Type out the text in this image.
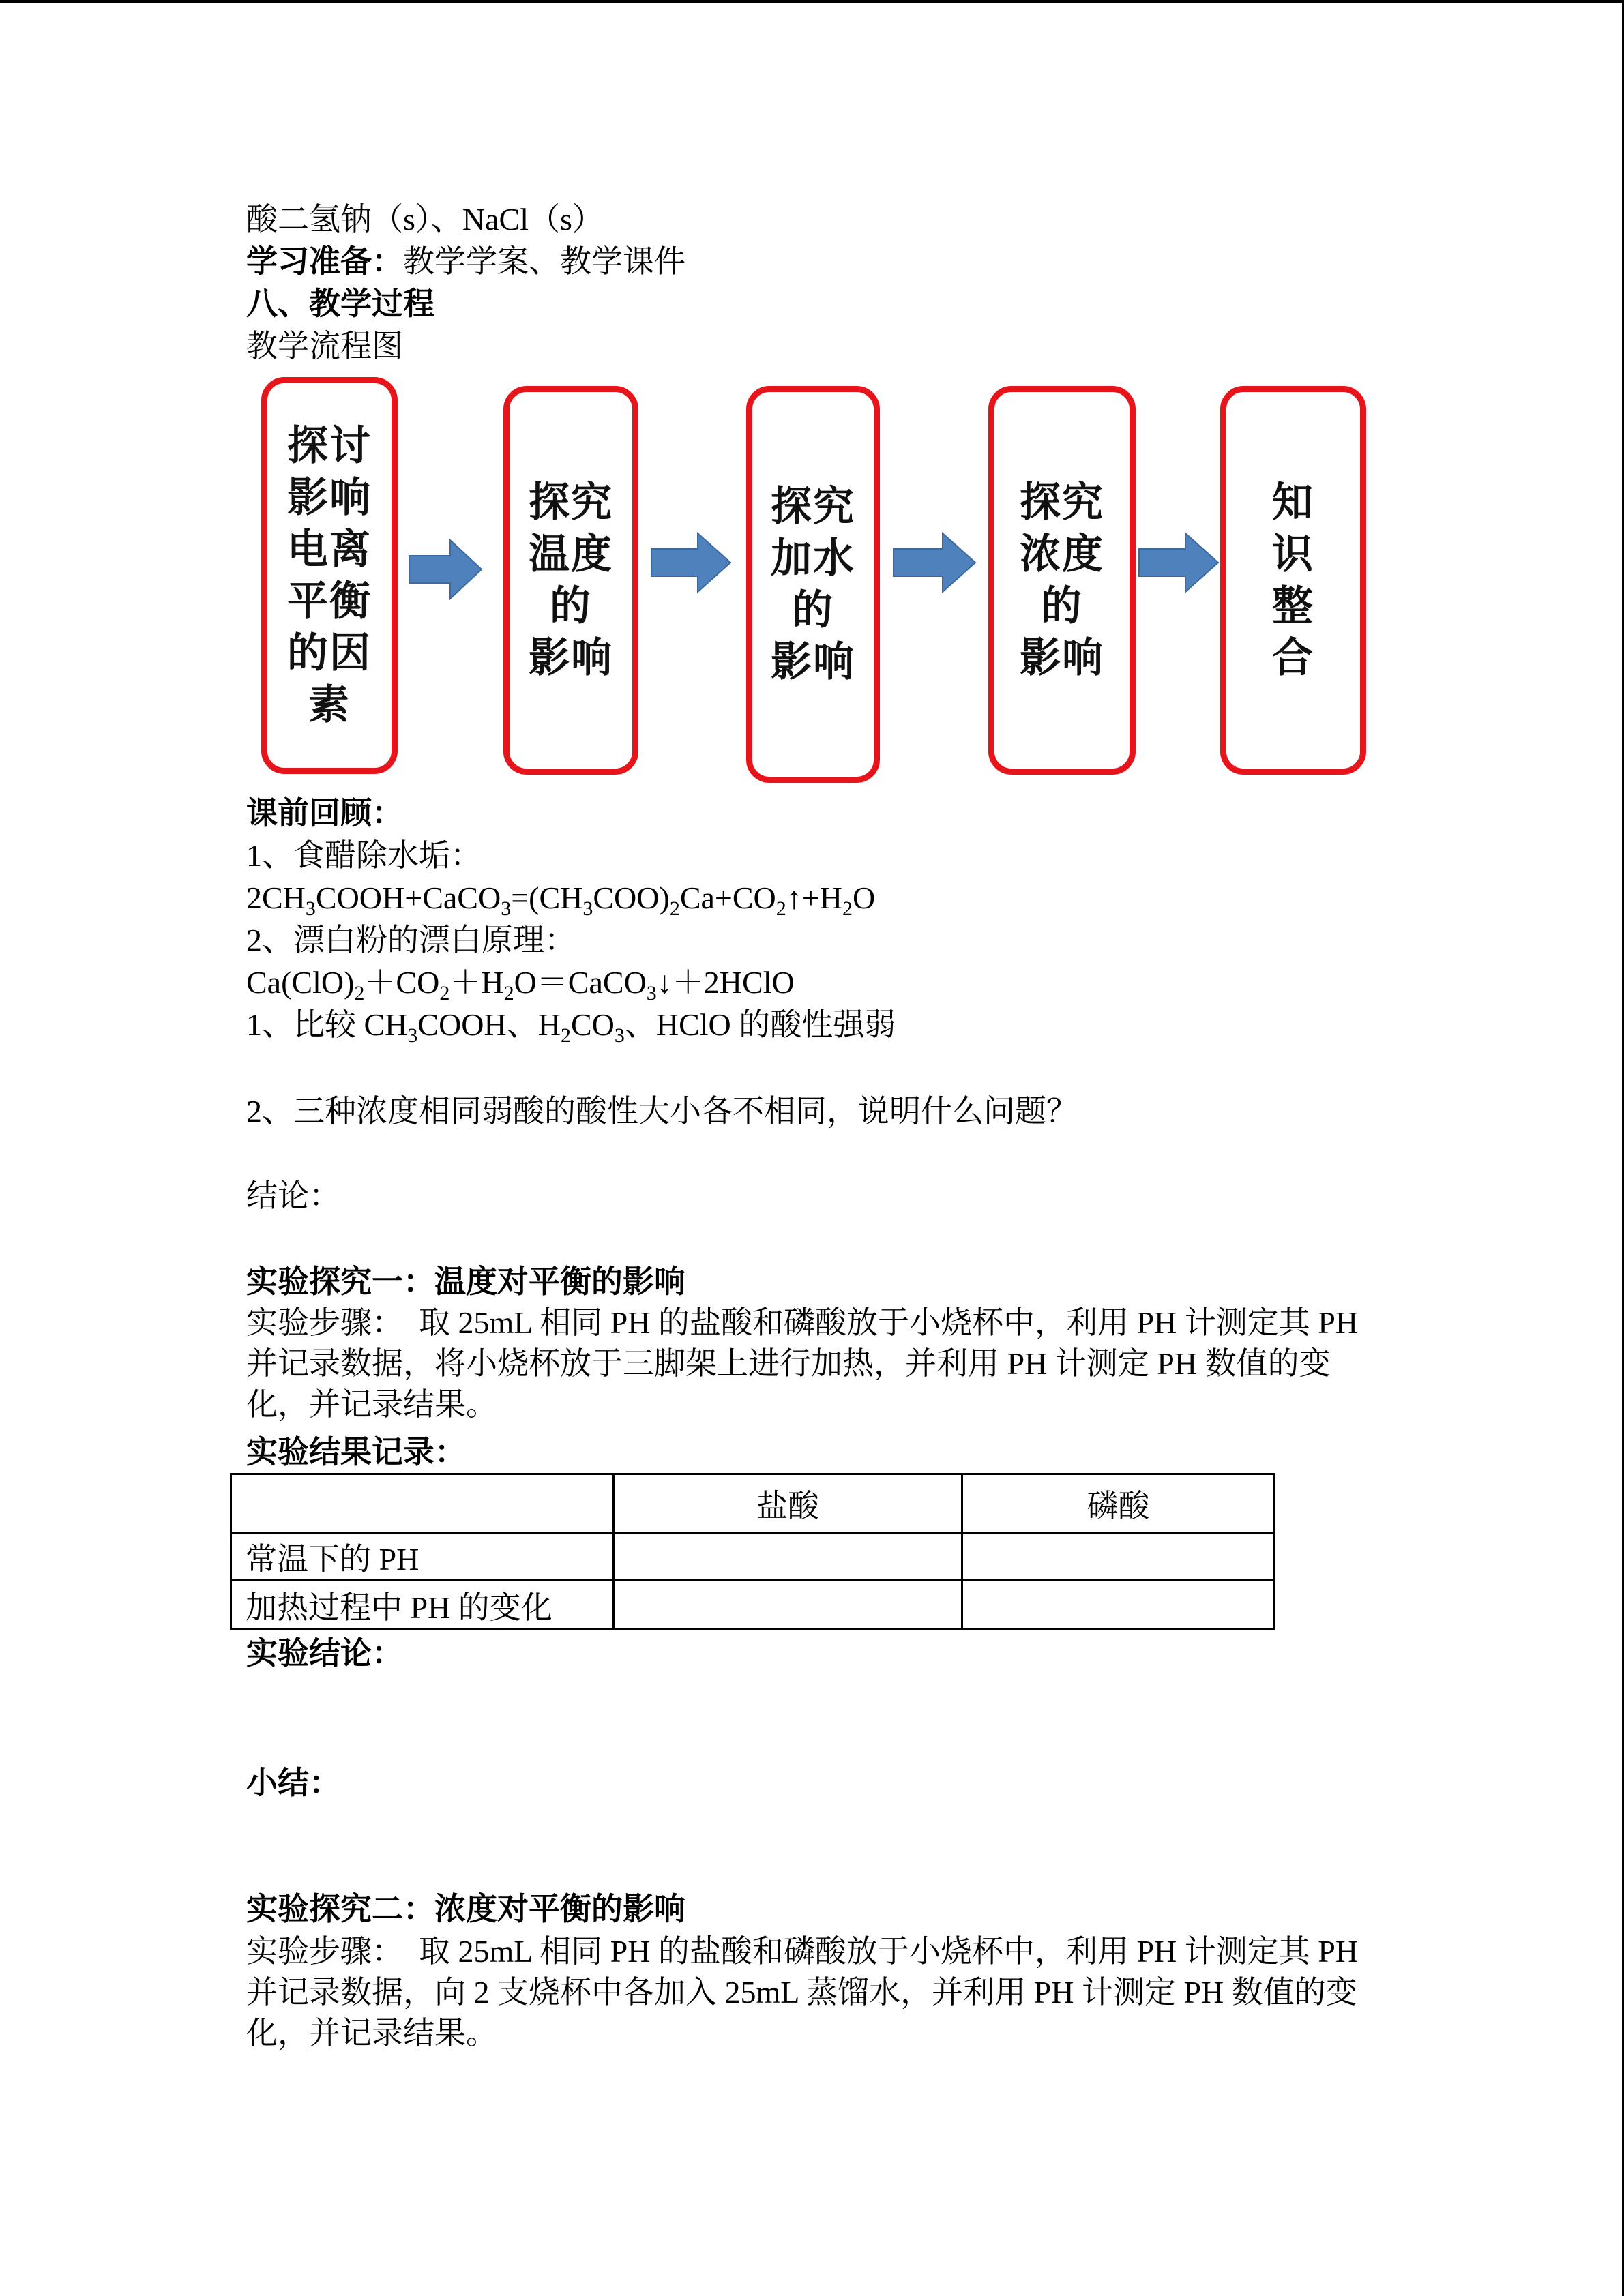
酸二氢钠（s）、NaCl（s）
学习准备：教学学案、教学课件
八、教学过程
教学流程图
探讨
影响
电离
平衡
的因
素
探究
温度
的
影响
探究
加水
的
影响
探究
浓度
的
影响
知
识
整
合
课前回顾：
1、食醋除水垢：
$2CH_3COOH+CaCO_3=(CH_3COO)_2Ca+CO_2↑+H_2O$
2、漂白粉的漂白原理：
$Ca(ClO)_2+CO_2+H_2O=CaCO_3↓+2HClO$
1、比较 $CH_3COOH$、$H_2CO_3$、HClO 的酸性强弱
2、三种浓度相同弱酸的酸性大小各不相同，说明什么问题？
结论：
实验探究一：温度对平衡的影响
实验步骤：　取 25mL 相同 PH 的盐酸和磷酸放于小烧杯中，利用 PH 计测定其 PH 并记录数据，将小烧杯放于三脚架上进行加热，并利用 PH 计测定 PH 数值的变化，并记录结果。
实验结果记录：
	盐酸	磷酸
常温下的 PH		
加热过程中 PH 的变化		
实验结论：
小结：
实验探究二：浓度对平衡的影响
实验步骤：　取 25mL 相同 PH 的盐酸和磷酸放于小烧杯中，利用 PH 计测定其 PH 并记录数据，向 2 支烧杯中各加入 25mL 蒸馏水，并利用 PH 计测定 PH 数值的变化，并记录结果。
